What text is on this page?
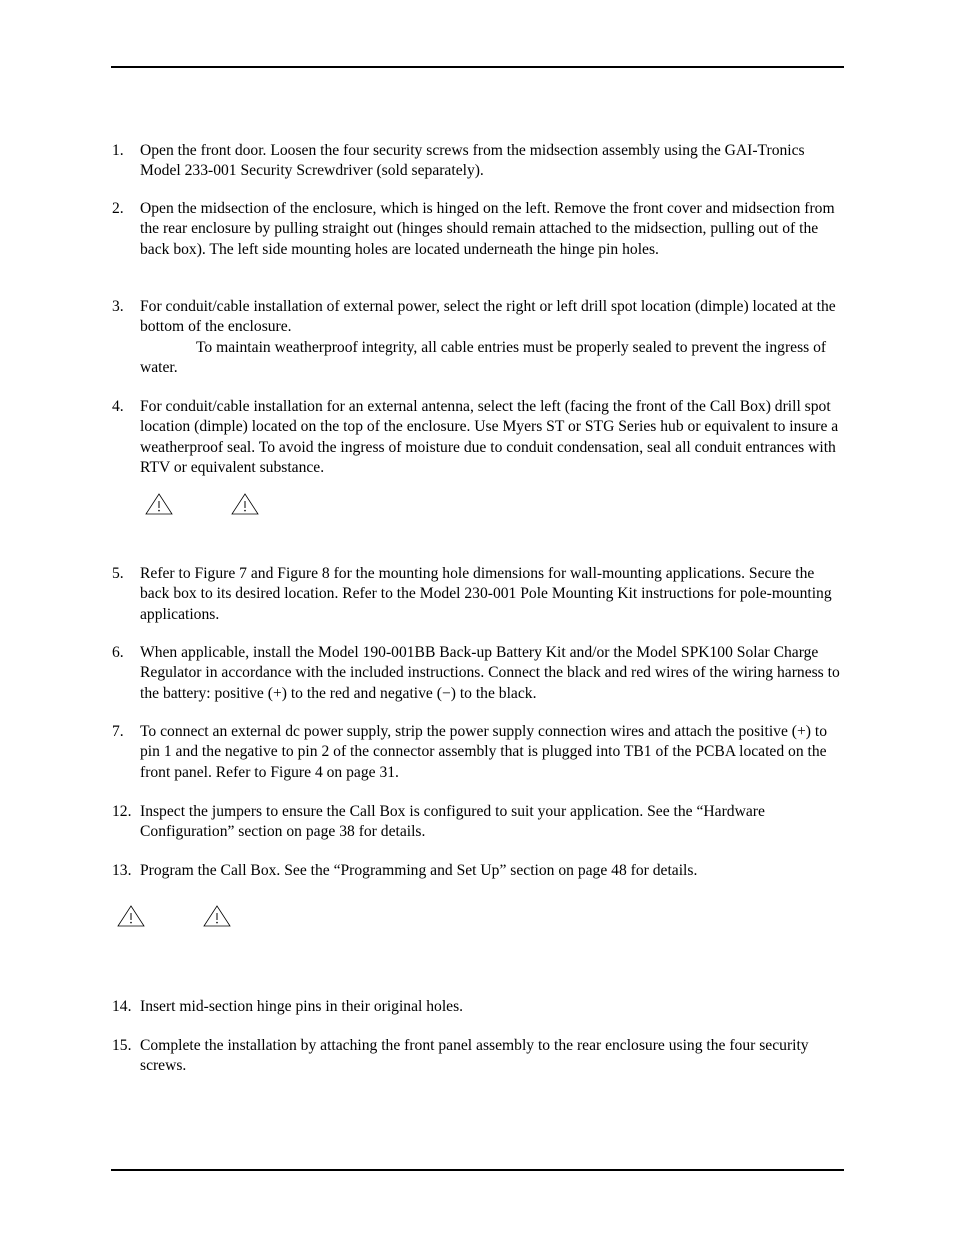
1. Open the front door. Loosen the four security screws from the midsection assembly using the GAI-Tronics Model 233-001 Security Screwdriver (sold separately).
2. Open the midsection of the enclosure, which is hinged on the left. Remove the front cover and midsection from the rear enclosure by pulling straight out (hinges should remain attached to the midsection, pulling out of the back box). The left side mounting holes are located underneath the hinge pin holes.
3. For conduit/cable installation of external power, select the right or left drill spot location (dimple) located at the bottom of the enclosure.
To maintain weatherproof integrity, all cable entries must be properly sealed to prevent the ingress of water.
4. For conduit/cable installation for an external antenna, select the left (facing the front of the Call Box) drill spot location (dimple) located on the top of the enclosure. Use Myers ST or STG Series hub or equivalent to insure a weatherproof seal. To avoid the ingress of moisture due to conduit condensation, seal all conduit entrances with RTV or equivalent substance.
5. Refer to Figure 7 and Figure 8 for the mounting hole dimensions for wall-mounting applications. Secure the back box to its desired location. Refer to the Model 230-001 Pole Mounting Kit instructions for pole-mounting applications.
6. When applicable, install the Model 190-001BB Back-up Battery Kit and/or the Model SPK100 Solar Charge Regulator in accordance with the included instructions. Connect the black and red wires of the wiring harness to the battery: positive (+) to the red and negative (−) to the black.
7. To connect an external dc power supply, strip the power supply connection wires and attach the positive (+) to pin 1 and the negative to pin 2 of the connector assembly that is plugged into TB1 of the PCBA located on the front panel. Refer to Figure 4 on page 31.
12. Inspect the jumpers to ensure the Call Box is configured to suit your application. See the “Hardware Configuration” section on page 38 for details.
13. Program the Call Box. See the “Programming and Set Up” section on page 48 for details.
14. Insert mid-section hinge pins in their original holes.
15. Complete the installation by attaching the front panel assembly to the rear enclosure using the four security screws.
